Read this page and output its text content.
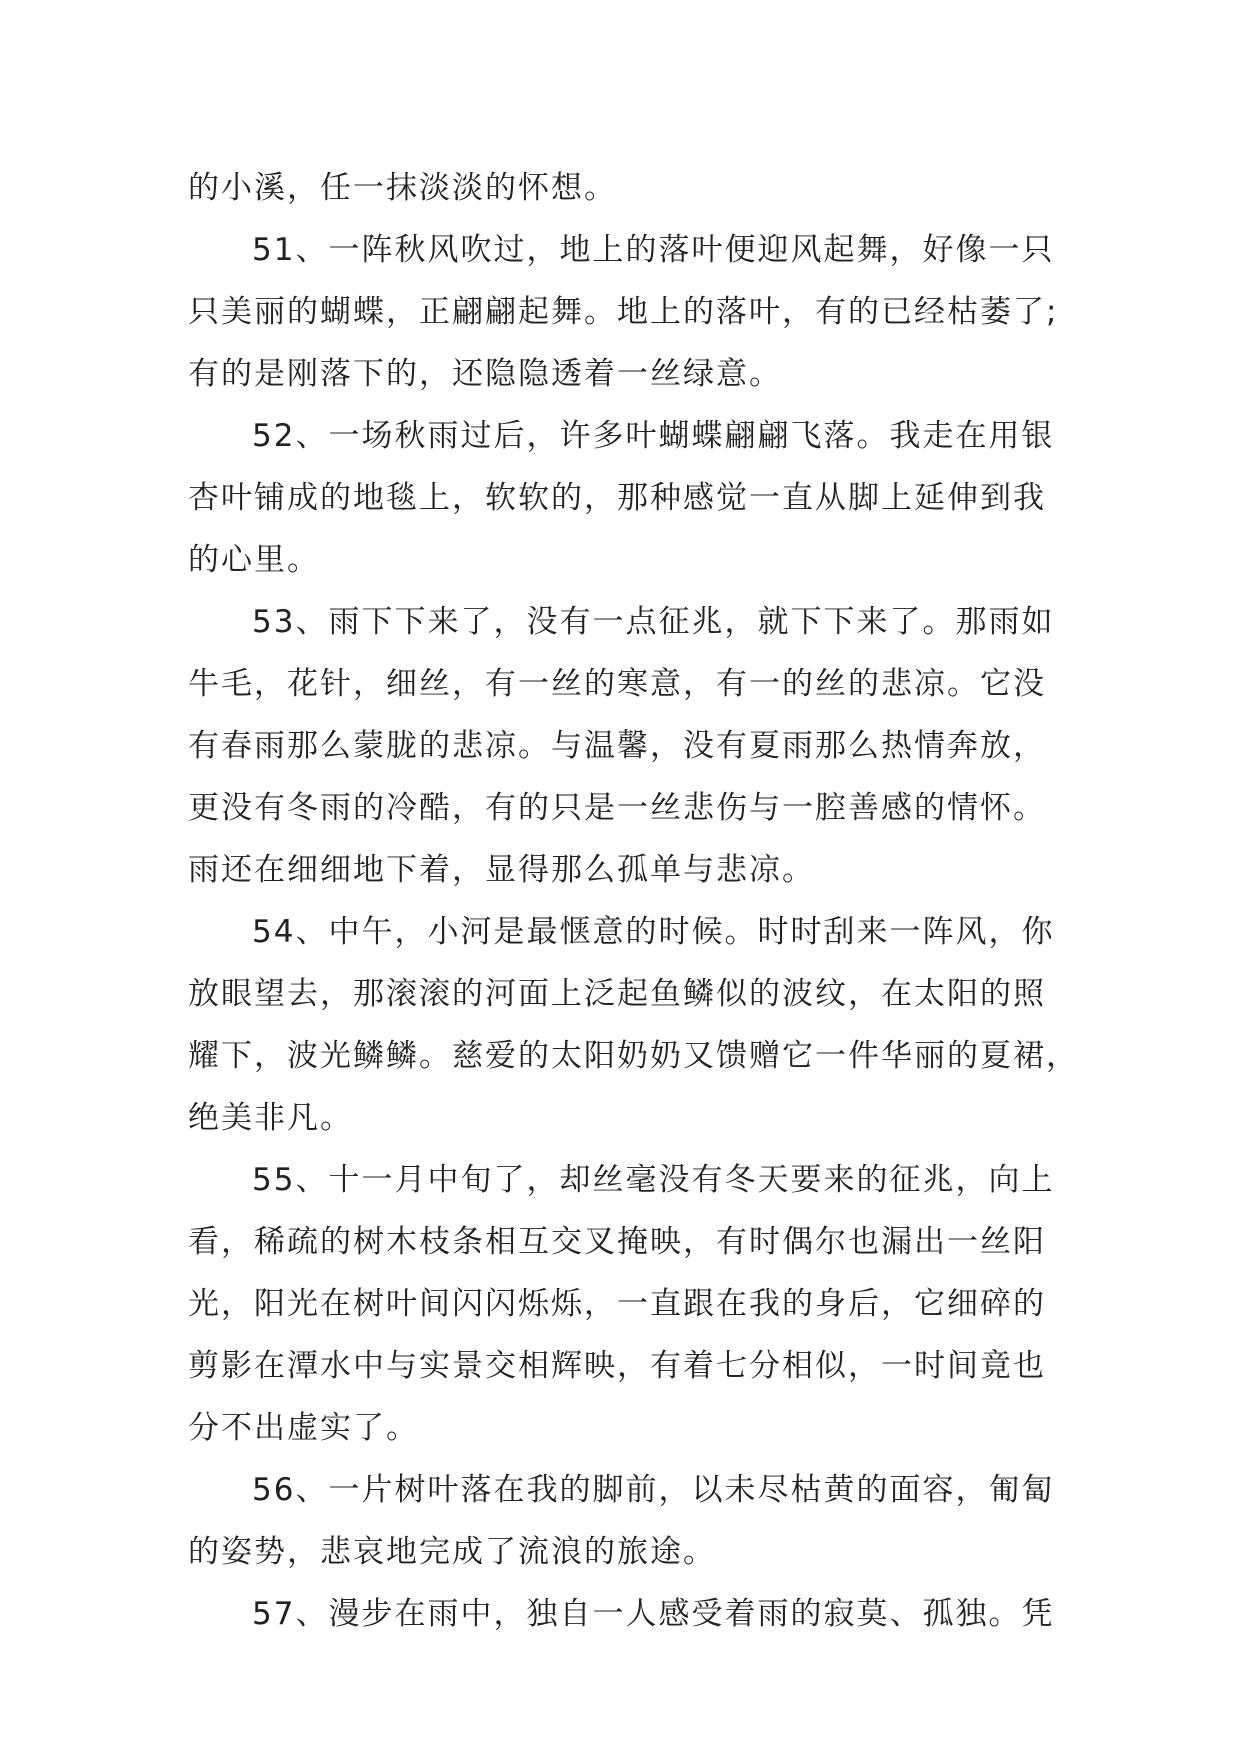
的小溪，任一抹淡淡的怀想。
51、一阵秋风吹过，地上的落叶便迎风起舞，好像一只
只美丽的蝴蝶，正翩翩起舞。地上的落叶，有的已经枯萎了;
有的是刚落下的，还隐隐透着一丝绿意。
52、一场秋雨过后，许多叶蝴蝶翩翩飞落。我走在用银
杏叶铺成的地毯上，软软的，那种感觉一直从脚上延伸到我
的心里。
53、雨下下来了，没有一点征兆，就下下来了。那雨如
牛毛，花针，细丝，有一丝的寒意，有一的丝的悲凉。它没
有春雨那么蒙胧的悲凉。与温馨，没有夏雨那么热情奔放，
更没有冬雨的冷酷，有的只是一丝悲伤与一腔善感的情怀。
雨还在细细地下着，显得那么孤单与悲凉。
54、中午，小河是最惬意的时候。时时刮来一阵风，你
放眼望去，那滚滚的河面上泛起鱼鳞似的波纹，在太阳的照
耀下，波光鳞鳞。慈爱的太阳奶奶又馈赠它一件华丽的夏裙，
绝美非凡。
55、十一月中旬了，却丝毫没有冬天要来的征兆，向上
看，稀疏的树木枝条相互交叉掩映，有时偶尔也漏出一丝阳
光，阳光在树叶间闪闪烁烁，一直跟在我的身后，它细碎的
剪影在潭水中与实景交相辉映，有着七分相似，一时间竟也
分不出虚实了。
56、一片树叶落在我的脚前，以未尽枯黄的面容，匍匐
的姿势，悲哀地完成了流浪的旅途。
57、漫步在雨中，独自一人感受着雨的寂莫、孤独。凭
